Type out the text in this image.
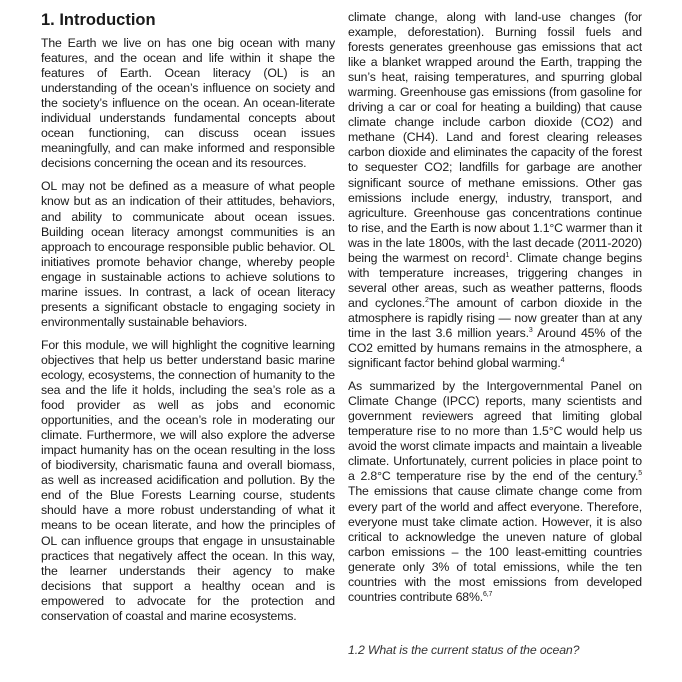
1. Introduction

The Earth we live on has one big ocean with many features, and the ocean and life within it shape the features of Earth. Ocean literacy (OL) is an understanding of the ocean’s influence on society and the society’s influence on the ocean. An ocean-literate individual understands fundamental concepts about ocean functioning, can discuss ocean issues meaningfully, and can make informed and responsible decisions concerning the ocean and its resources.

OL may not be defined as a measure of what people know but as an indication of their attitudes, behaviors, and ability to communicate about ocean issues. Building ocean literacy amongst communities is an approach to encourage responsible public behavior. OL initiatives promote behavior change, whereby people engage in sustainable actions to achieve solutions to marine issues. In contrast, a lack of ocean literacy presents a significant obstacle to engaging society in environmentally sustainable behaviors.

For this module, we will highlight the cognitive learning objectives that help us better understand basic marine ecology, ecosystems, the connection of humanity to the sea and the life it holds, including the sea’s role as a food provider as well as jobs and economic opportunities, and the ocean’s role in moderating our climate. Furthermore, we will also explore the adverse impact humanity has on the ocean resulting in the loss of biodiversity, charismatic fauna and overall biomass, as well as increased acidification and pollution. By the end of the Blue Forests Learning course, students should have a more robust understanding of what it means to be ocean literate, and how the principles of OL can influence groups that engage in unsustainable practices that negatively affect the ocean. In this way, the learner understands their agency to make decisions that support a healthy ocean and is empowered to advocate for the protection and conservation of coastal and marine ecosystems.

climate change, along with land-use changes (for example, deforestation). Burning fossil fuels and forests generates greenhouse gas emissions that act like a blanket wrapped around the Earth, trapping the sun’s heat, raising temperatures, and spurring global warming. Greenhouse gas emissions (from gasoline for driving a car or coal for heating a building) that cause climate change include carbon dioxide (CO2) and methane (CH4). Land and forest clearing releases carbon dioxide and eliminates the capacity of the forest to sequester CO2; landfills for garbage are another significant source of methane emissions. Other gas emissions include energy, industry, transport, and agriculture. Greenhouse gas concentrations continue to rise, and the Earth is now about 1.1°C warmer than it was in the late 1800s, with the last decade (2011-2020) being the warmest on record$^1$. Climate change begins with temperature increases, triggering changes in several other areas, such as weather patterns, floods and cyclones.$^2$The amount of carbon dioxide in the atmosphere is rapidly rising — now greater than at any time in the last 3.6 million years.$^3$ Around 45% of the CO2 emitted by humans remains in the atmosphere, a significant factor behind global warming.$^4$

As summarized by the Intergovernmental Panel on Climate Change (IPCC) reports, many scientists and government reviewers agreed that limiting global temperature rise to no more than 1.5°C would help us avoid the worst climate impacts and maintain a liveable climate. Unfortunately, current policies in place point to a 2.8°C temperature rise by the end of the century.$^5$ The emissions that cause climate change come from every part of the world and affect everyone. Therefore, everyone must take climate action. However, it is also critical to acknowledge the uneven nature of global carbon emissions – the 100 least-emitting countries generate only 3% of total emissions, while the ten countries with the most emissions from developed countries contribute 68%.$^{6,7}$

1.2 What is the current status of the ocean?
